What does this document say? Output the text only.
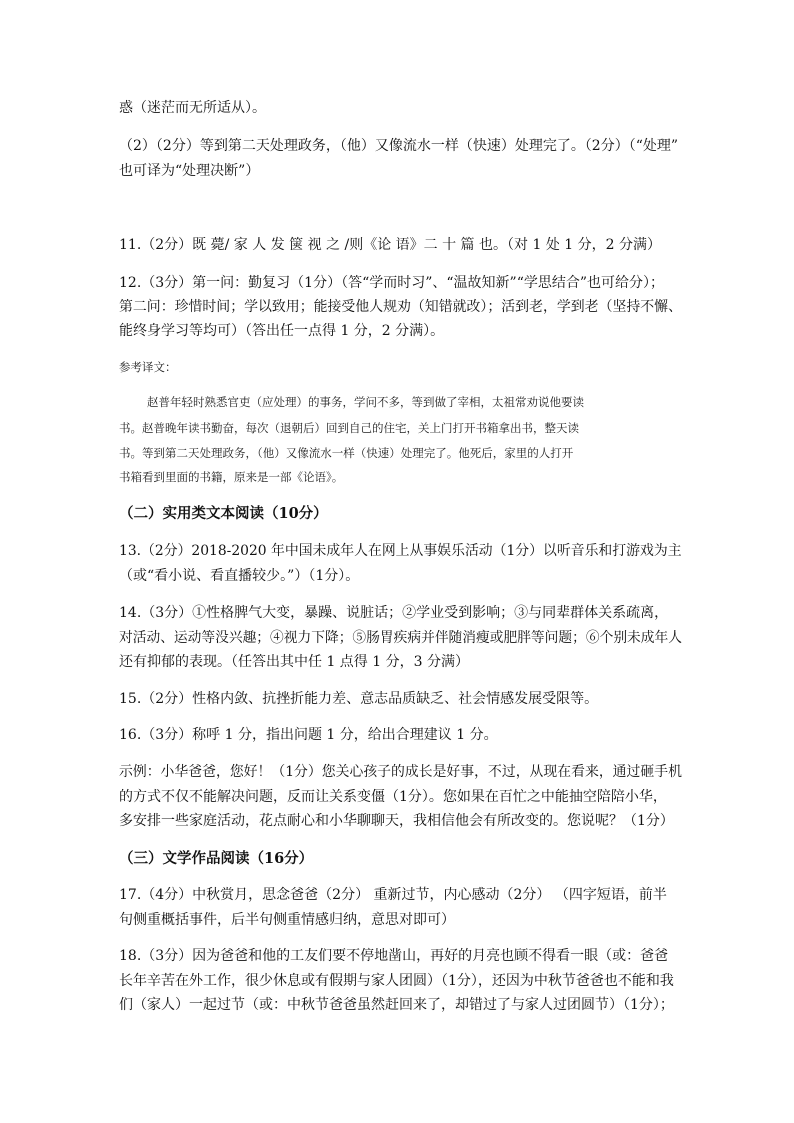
惑（迷茫而无所适从）。
（2）（2分）等到第二天处理政务，（他）又像流水一样（快速）处理完了。（2分）（“处理”
也可译为“处理决断”）
11.（2分）既 薨/ 家 人 发 箧 视 之 /则《论 语》二 十 篇 也。（对 1 处 1 分，2 分满）
12.（3分）第一问：勤复习（1分）（答“学而时习”、“温故知新”“学思结合”也可给分）；
第二问：珍惜时间；学以致用；能接受他人规劝（知错就改）；活到老，学到老（坚持不懈、
能终身学习等均可）（答出任一点得 1 分，2 分满）。
参考译文：
赵普年轻时熟悉官吏（应处理）的事务，学问不多，等到做了宰相，太祖常劝说他要读
书。赵普晚年读书勤奋，每次（退朝后）回到自己的住宅，关上门打开书箱拿出书，整天读
书。等到第二天处理政务，（他）又像流水一样（快速）处理完了。他死后，家里的人打开
书箱看到里面的书籍，原来是一部《论语》。
（二）实用类文本阅读（10分）
13.（2分）2018-2020 年中国未成年人在网上从事娱乐活动（1分）以听音乐和打游戏为主
（或“看小说、看直播较少。”）（1分）。
14.（3分）①性格脾气大变，暴躁、说脏话；②学业受到影响；③与同辈群体关系疏离，
对活动、运动等没兴趣；④视力下降；⑤肠胃疾病并伴随消瘦或肥胖等问题；⑥个别未成年人
还有抑郁的表现。（任答出其中任 1 点得 1 分，3 分满）
15.（2分）性格内敛、抗挫折能力差、意志品质缺乏、社会情感发展受限等。
16.（3分）称呼 1 分，指出问题 1 分，给出合理建议 1 分。
示例：小华爸爸，您好！（1分）您关心孩子的成长是好事，不过，从现在看来，通过砸手机
的方式不仅不能解决问题，反而让关系变僵（1分）。您如果在百忙之中能抽空陪陪小华，
多安排一些家庭活动，花点耐心和小华聊聊天，我相信他会有所改变的。您说呢？（1分）
（三）文学作品阅读（16分）
17.（4分）中秋赏月，思念爸爸（2分） 重新过节，内心感动（2分） （四字短语，前半
句侧重概括事件，后半句侧重情感归纳，意思对即可）
18.（3分）因为爸爸和他的工友们要不停地凿山，再好的月亮也顾不得看一眼（或：爸爸
长年辛苦在外工作，很少休息或有假期与家人团圆）（1分），还因为中秋节爸爸也不能和我
们（家人）一起过节（或：中秋节爸爸虽然赶回来了，却错过了与家人过团圆节）（1分）；
